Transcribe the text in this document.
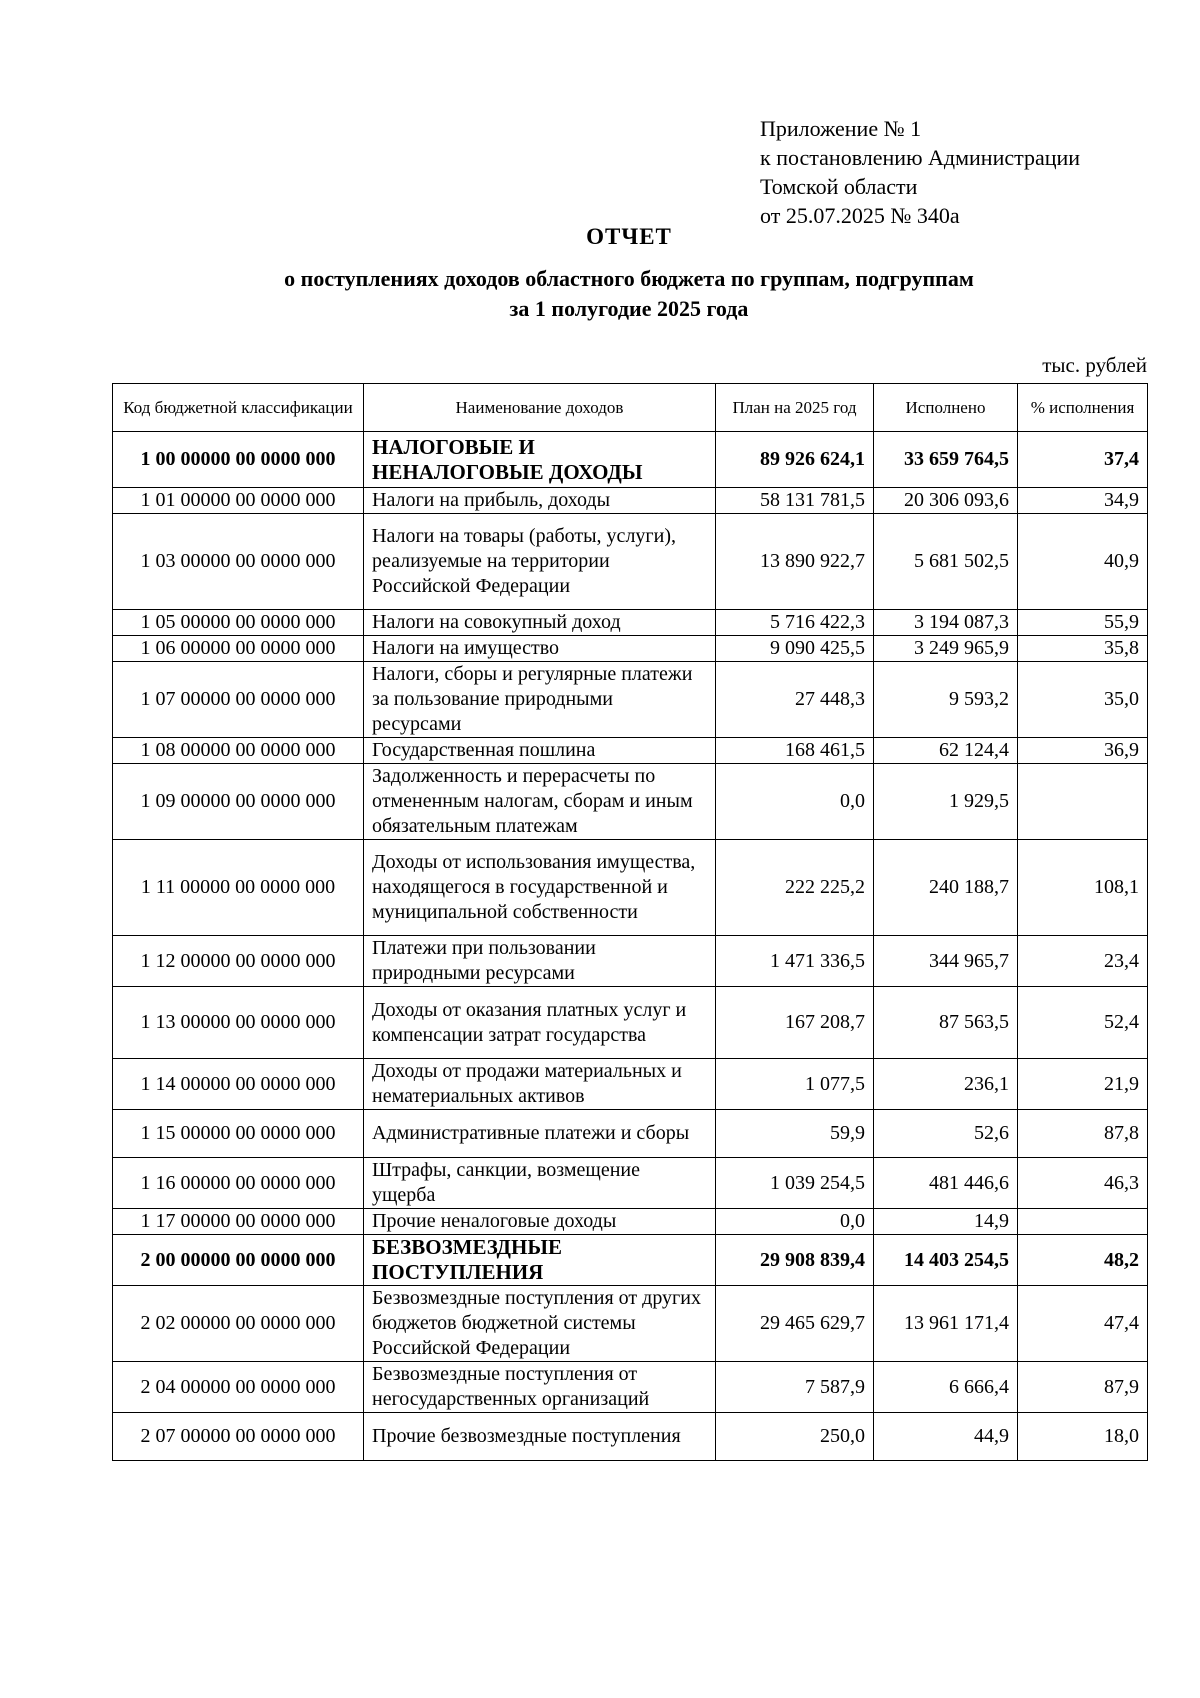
Приложение № 1
к постановлению Администрации
Томской области
от 25.07.2025 № 340а
ОТЧЕТ
о поступлениях доходов областного бюджета по группам, подгруппам
за 1 полугодие 2025 года
тыс. рублей
Код бюджетной классификации	Наименование доходов	План на 2025 год	Исполнено	% исполнения
1 00 00000 00 0000 000	НАЛОГОВЫЕ И НЕНАЛОГОВЫЕ ДОХОДЫ	89 926 624,1	33 659 764,5	37,4
1 01 00000 00 0000 000	Налоги на прибыль, доходы	58 131 781,5	20 306 093,6	34,9
1 03 00000 00 0000 000	Налоги на товары (работы, услуги), реализуемые на территории Российской Федерации	13 890 922,7	5 681 502,5	40,9
1 05 00000 00 0000 000	Налоги на совокупный доход	5 716 422,3	3 194 087,3	55,9
1 06 00000 00 0000 000	Налоги на имущество	9 090 425,5	3 249 965,9	35,8
1 07 00000 00 0000 000	Налоги, сборы и регулярные платежи за пользование природными ресурсами	27 448,3	9 593,2	35,0
1 08 00000 00 0000 000	Государственная пошлина	168 461,5	62 124,4	36,9
1 09 00000 00 0000 000	Задолженность и перерасчеты по отмененным налогам, сборам и иным обязательным платежам	0,0	1 929,5	
1 11 00000 00 0000 000	Доходы от использования имущества, находящегося в государственной и муниципальной собственности	222 225,2	240 188,7	108,1
1 12 00000 00 0000 000	Платежи при пользовании природными ресурсами	1 471 336,5	344 965,7	23,4
1 13 00000 00 0000 000	Доходы от оказания платных услуг и компенсации затрат государства	167 208,7	87 563,5	52,4
1 14 00000 00 0000 000	Доходы от продажи материальных и нематериальных активов	1 077,5	236,1	21,9
1 15 00000 00 0000 000	Административные платежи и сборы	59,9	52,6	87,8
1 16 00000 00 0000 000	Штрафы, санкции, возмещение ущерба	1 039 254,5	481 446,6	46,3
1 17 00000 00 0000 000	Прочие неналоговые доходы	0,0	14,9	
2 00 00000 00 0000 000	БЕЗВОЗМЕЗДНЫЕ ПОСТУПЛЕНИЯ	29 908 839,4	14 403 254,5	48,2
2 02 00000 00 0000 000	Безвозмездные поступления от других бюджетов бюджетной системы Российской Федерации	29 465 629,7	13 961 171,4	47,4
2 04 00000 00 0000 000	Безвозмездные поступления от негосударственных организаций	7 587,9	6 666,4	87,9
2 07 00000 00 0000 000	Прочие безвозмездные поступления	250,0	44,9	18,0
